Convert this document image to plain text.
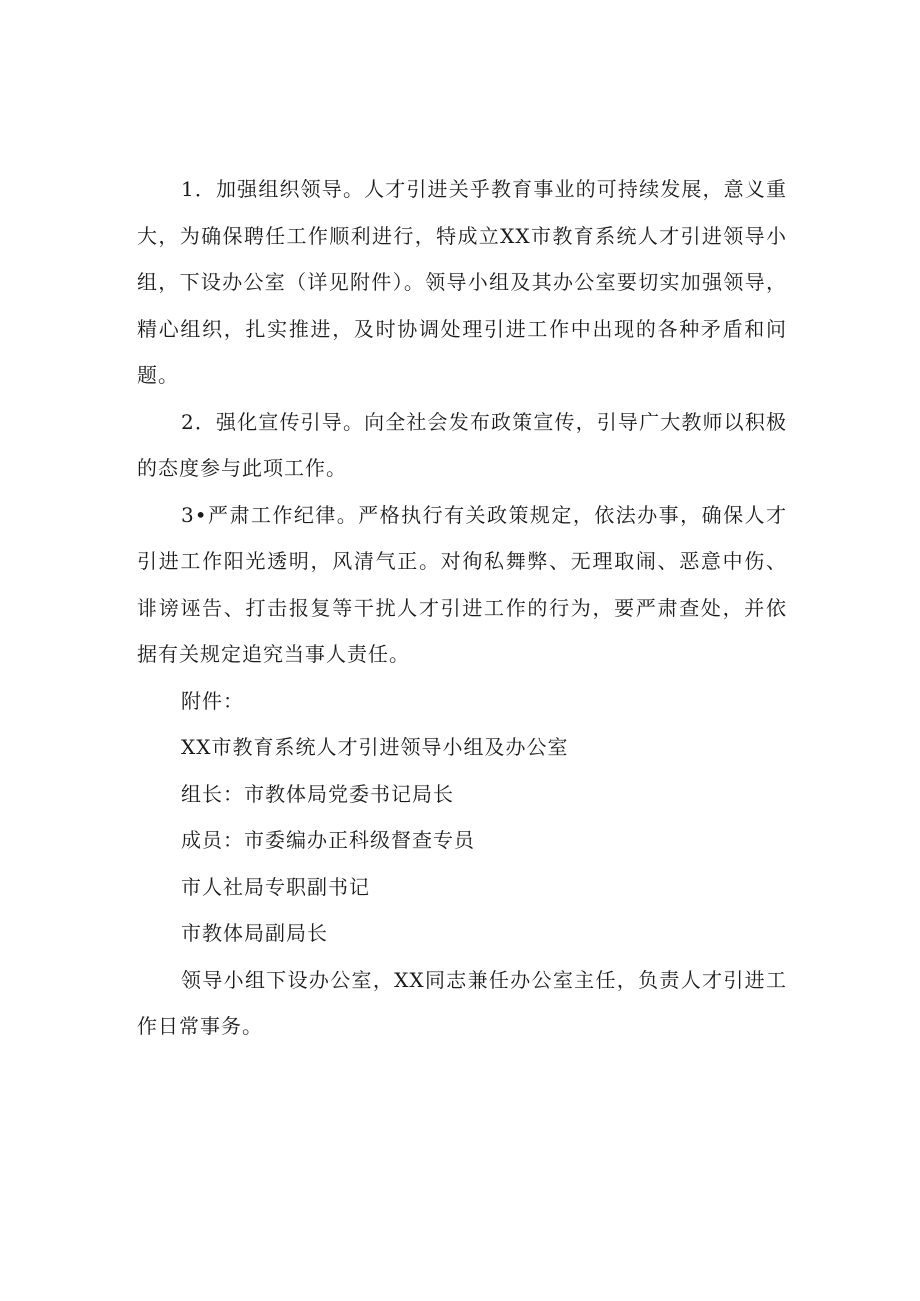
1．加强组织领导。人才引进关乎教育事业的可持续发展，意义重大，为确保聘任工作顺利进行，特成立XX市教育系统人才引进领导小组，下设办公室（详见附件）。领导小组及其办公室要切实加强领导，精心组织，扎实推进，及时协调处理引进工作中出现的各种矛盾和问题。

2．强化宣传引导。向全社会发布政策宣传，引导广大教师以积极的态度参与此项工作。

3•严肃工作纪律。严格执行有关政策规定，依法办事，确保人才引进工作阳光透明，风清气正。对徇私舞弊、无理取闹、恶意中伤、诽谤诬告、打击报复等干扰人才引进工作的行为，要严肃查处，并依据有关规定追究当事人责任。

附件：

XX市教育系统人才引进领导小组及办公室

组长：市教体局党委书记局长

成员：市委编办正科级督查专员

市人社局专职副书记

市教体局副局长

领导小组下设办公室，XX同志兼任办公室主任，负责人才引进工作日常事务。
